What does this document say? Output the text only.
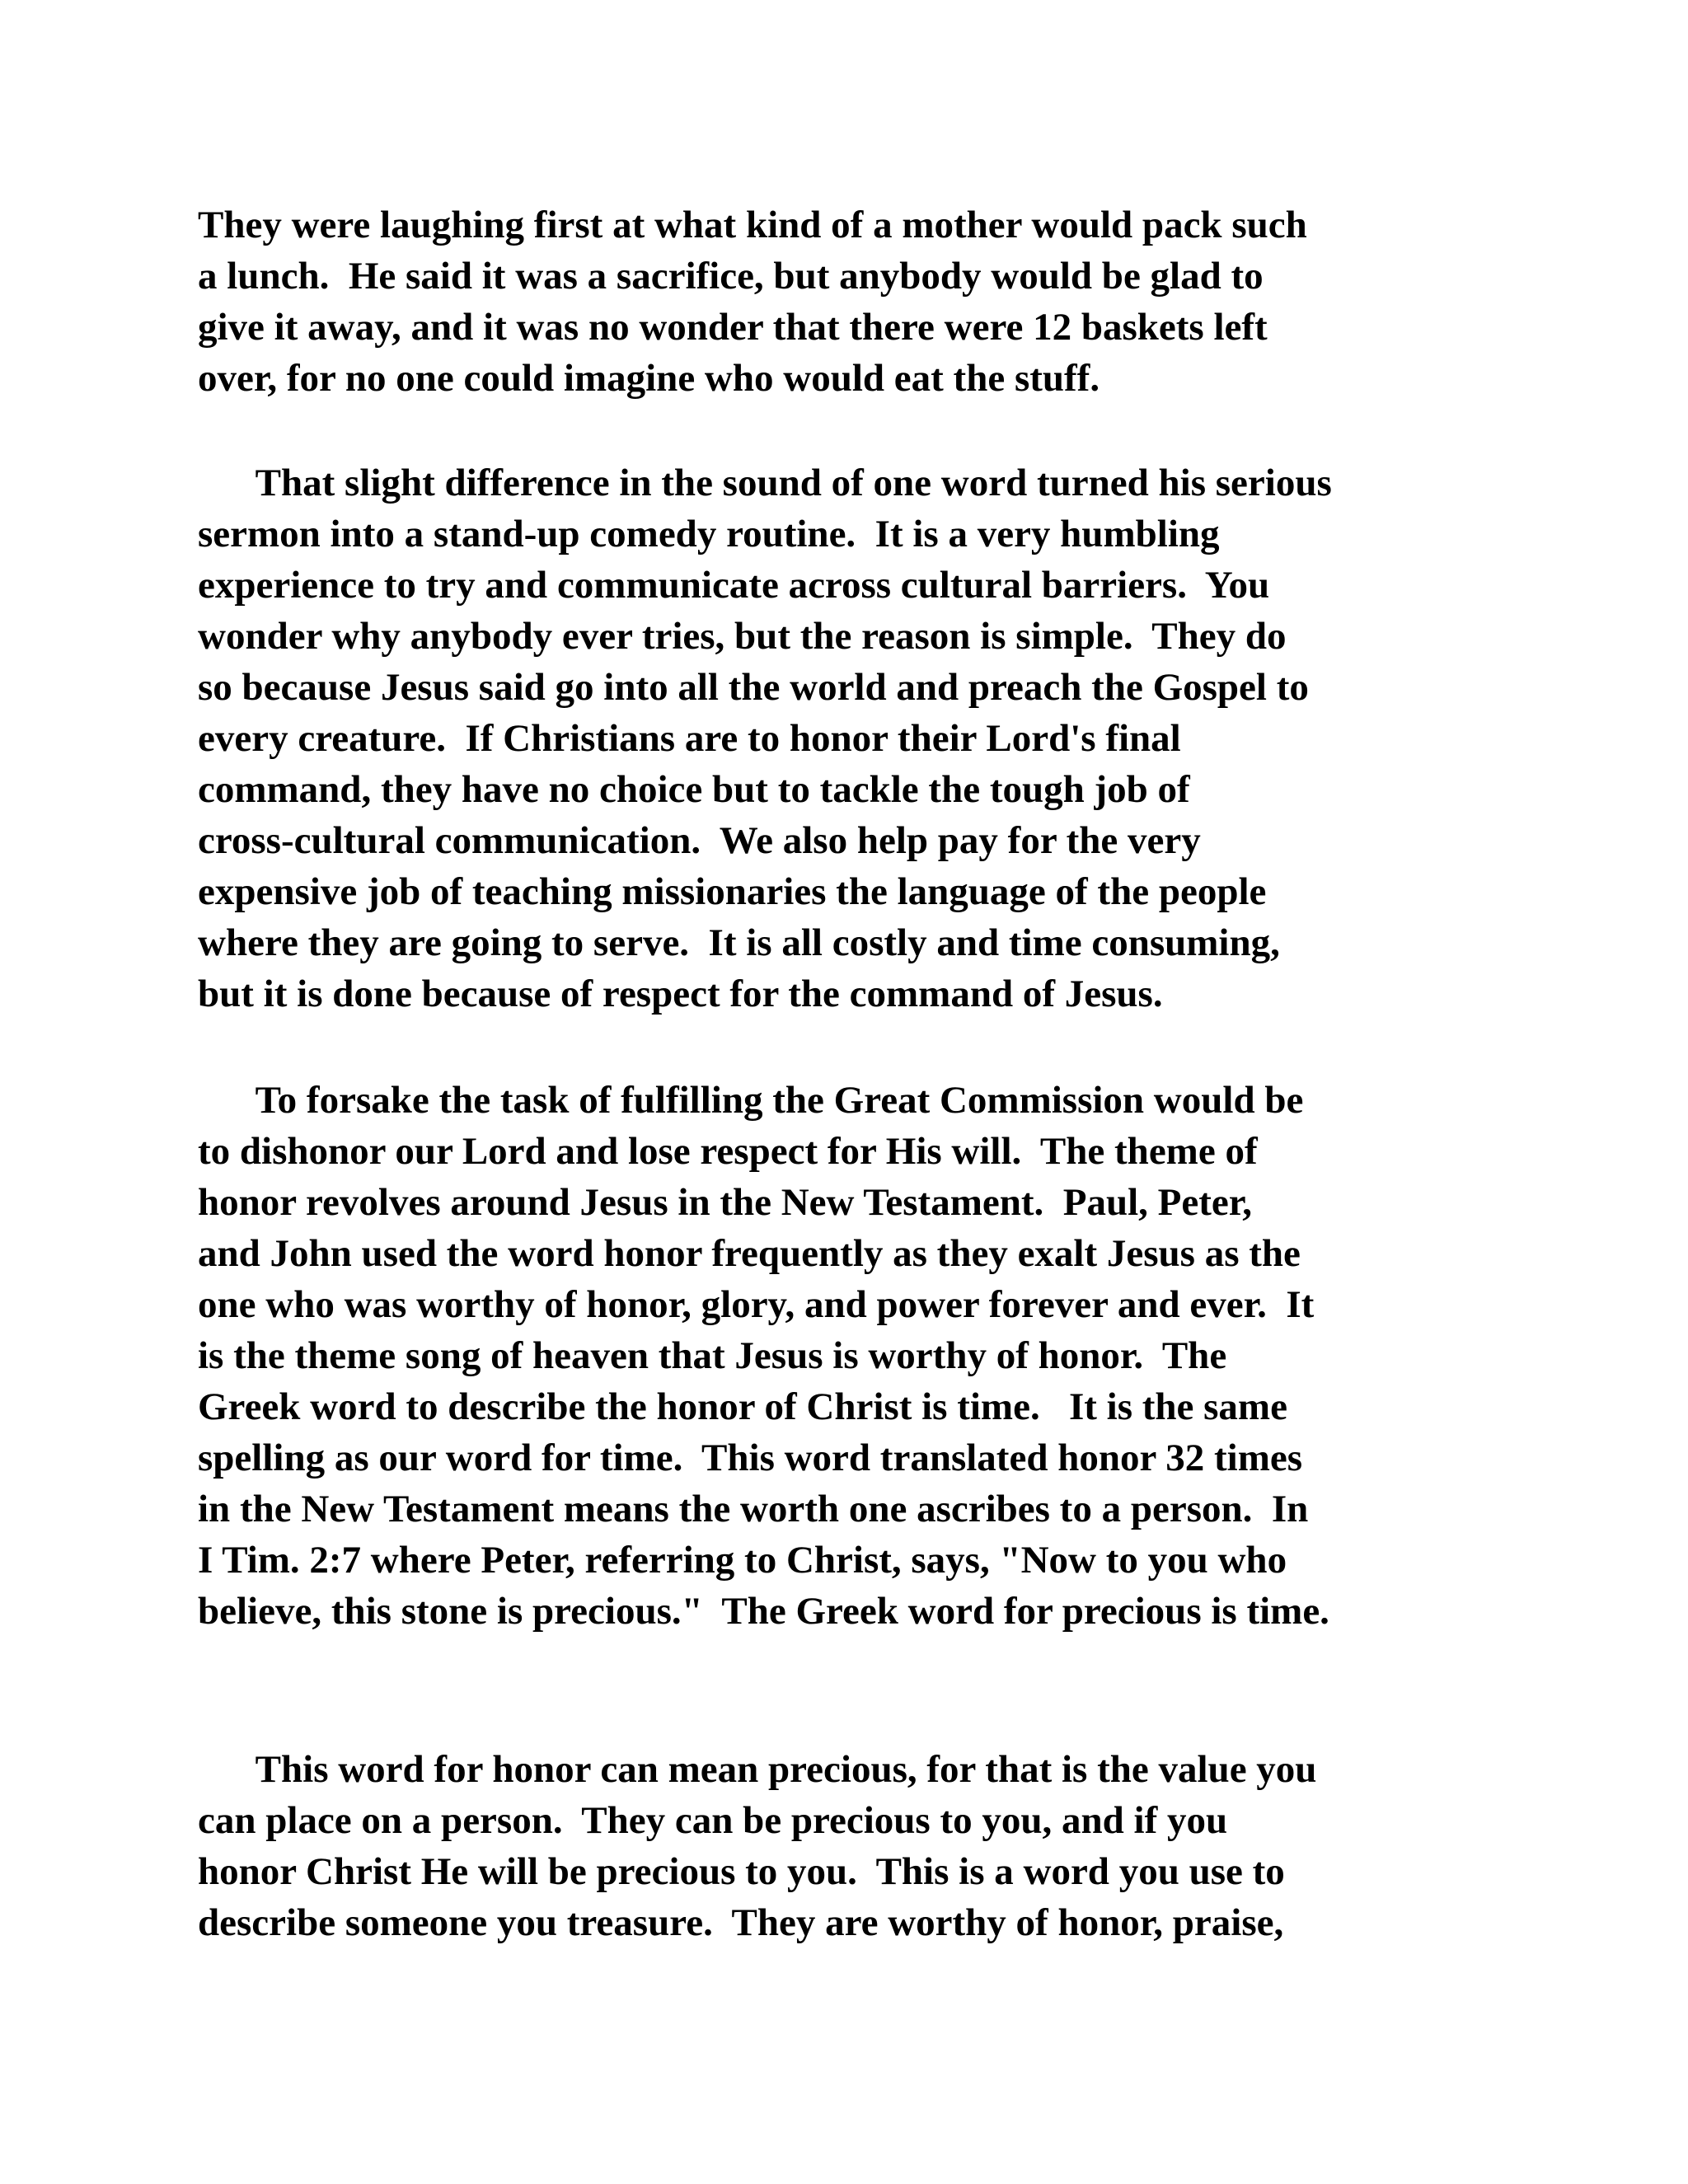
They were laughing first at what kind of a mother would pack such
a lunch.  He said it was a sacrifice, but anybody would be glad to
give it away, and it was no wonder that there were 12 baskets left
over, for no one could imagine who would eat the stuff.
That slight difference in the sound of one word turned his serious
sermon into a stand-up comedy routine.  It is a very humbling
experience to try and communicate across cultural barriers.  You
wonder why anybody ever tries, but the reason is simple.  They do
so because Jesus said go into all the world and preach the Gospel to
every creature.  If Christians are to honor their Lord's final
command, they have no choice but to tackle the tough job of
cross-cultural communication.  We also help pay for the very
expensive job of teaching missionaries the language of the people
where they are going to serve.  It is all costly and time consuming,
but it is done because of respect for the command of Jesus.
To forsake the task of fulfilling the Great Commission would be
to dishonor our Lord and lose respect for His will.  The theme of
honor revolves around Jesus in the New Testament.  Paul, Peter,
and John used the word honor frequently as they exalt Jesus as the
one who was worthy of honor, glory, and power forever and ever.  It
is the theme song of heaven that Jesus is worthy of honor.  The
Greek word to describe the honor of Christ is time.   It is the same
spelling as our word for time.  This word translated honor 32 times
in the New Testament means the worth one ascribes to a person.  In
I Tim. 2:7 where Peter, referring to Christ, says, "Now to you who
believe, this stone is precious."  The Greek word for precious is time.
This word for honor can mean precious, for that is the value you
can place on a person.  They can be precious to you, and if you
honor Christ He will be precious to you.  This is a word you use to
describe someone you treasure.  They are worthy of honor, praise,
